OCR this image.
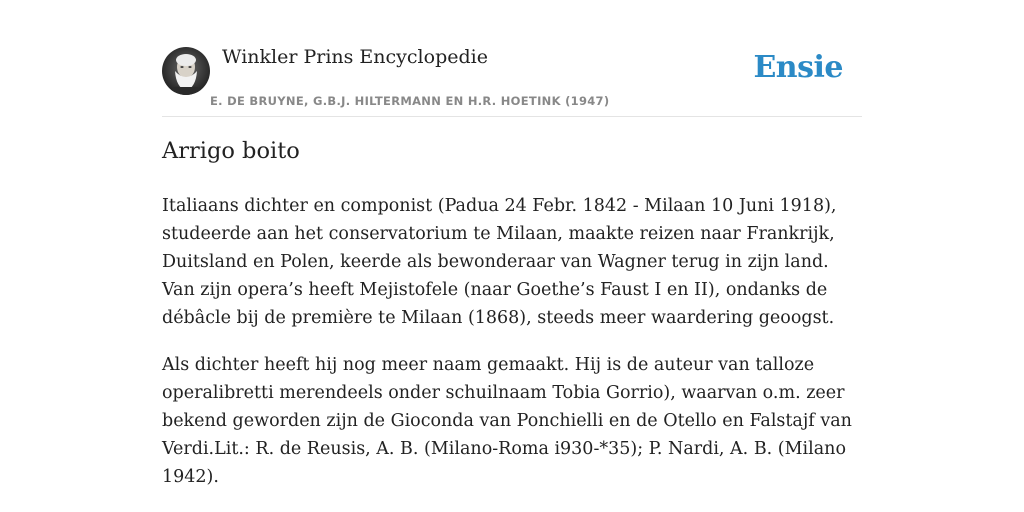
Winkler Prins Encyclopedie
E. DE BRUYNE, G.B.J. HILTERMANN EN H.R. HOETINK (1947)
Ensie
Arrigo boito

Italiaans dichter en componist (Padua 24 Febr. 1842 - Milaan 10 Juni 1918), studeerde aan het conservatorium te Milaan, maakte reizen naar Frankrijk, Duitsland en Polen, keerde als bewonderaar van Wagner terug in zijn land. Van zijn opera’s heeft Mejistofele (naar Goethe’s Faust I en II), ondanks de débâcle bij de première te Milaan (1868), steeds meer waardering geoogst.

Als dichter heeft hij nog meer naam gemaakt. Hij is de auteur van talloze operalibretti merendeels onder schuilnaam Tobia Gorrio), waarvan o.m. zeer bekend geworden zijn de Gioconda van Ponchielli en de Otello en Falstajf van Verdi.Lit.: R. de Reusis, A. B. (Milano-Roma i930-*35); P. Nardi, A. B. (Milano 1942).
